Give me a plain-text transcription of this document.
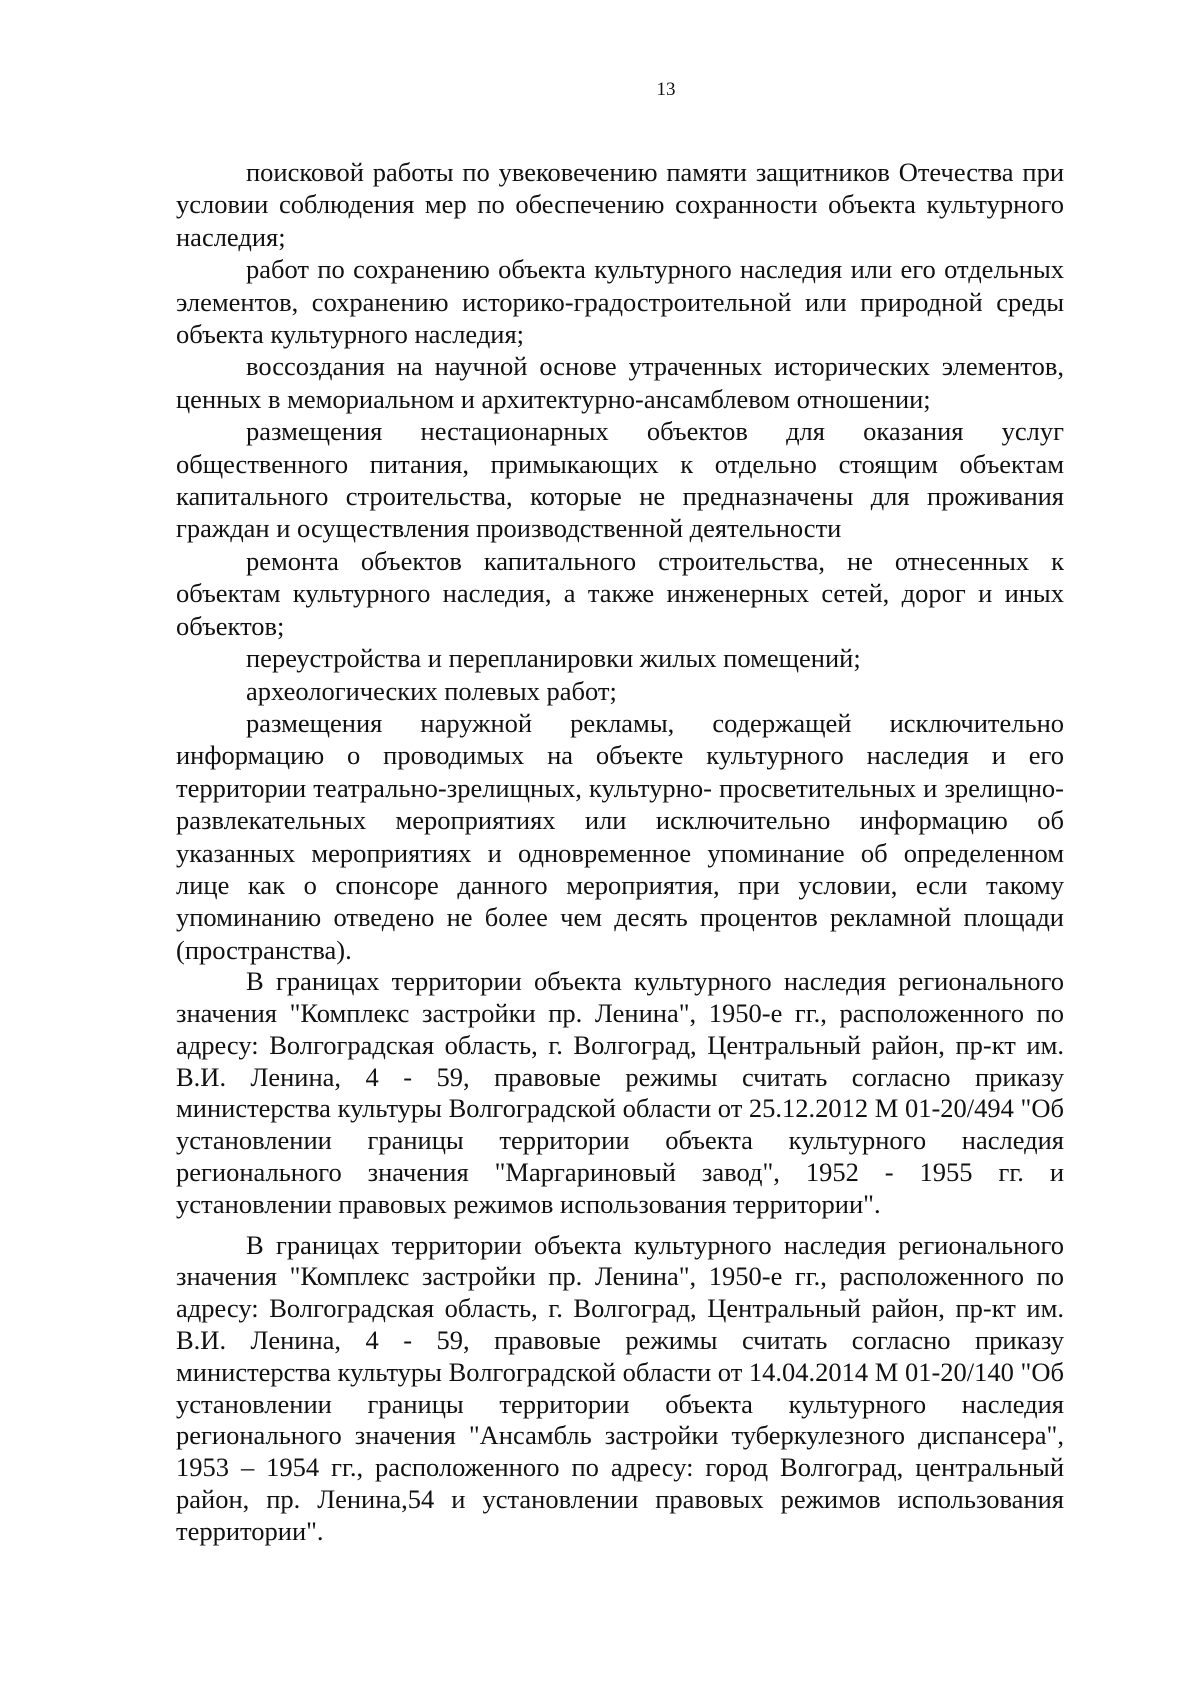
13

поисковой работы по увековечению памяти защитников Отечества при условии соблюдения мер по обеспечению сохранности объекта культурного наследия;

работ по сохранению объекта культурного наследия или его отдельных элементов, сохранению историко-градостроительной или природной среды объекта культурного наследия;

воссоздания на научной основе утраченных исторических элементов, ценных в мемориальном и архитектурно-ансамблевом отношении;

размещения нестационарных объектов для оказания услуг общественного питания, примыкающих к отдельно стоящим объектам капитального строительства, которые не предназначены для проживания граждан и осуществления производственной деятельности

ремонта объектов капитального строительства, не отнесенных к объектам культурного наследия, а также инженерных сетей, дорог и иных объектов;

переустройства и перепланировки жилых помещений;

археологических полевых работ;

размещения наружной рекламы, содержащей исключительно информацию о проводимых на объекте культурного наследия и его территории театрально-зрелищных, культурно- просветительных и зрелищно-развлекательных мероприятиях или исключительно информацию об указанных мероприятиях и одновременное упоминание об определенном лице как о спонсоре данного мероприятия, при условии, если такому упоминанию отведено не более чем десять процентов рекламной площади (пространства).

В границах территории объекта культурного наследия регионального значения "Комплекс застройки пр. Ленина", 1950-е гг., расположенного по адресу: Волгоградская область, г. Волгоград, Центральный район, пр-кт им. В.И. Ленина, 4 - 59, правовые режимы считать согласно приказу министерства культуры Волгоградской области от 25.12.2012 М 01-20/494 "Об установлении границы территории объекта культурного наследия регионального значения "Маргариновый завод", 1952 - 1955 гг. и установлении правовых режимов использования территории".

В границах территории объекта культурного наследия регионального значения "Комплекс застройки пр. Ленина", 1950-е гг., расположенного по адресу: Волгоградская область, г. Волгоград, Центральный район, пр-кт им. В.И. Ленина, 4 - 59, правовые режимы считать согласно приказу министерства культуры Волгоградской области от 14.04.2014 М 01-20/140 "Об установлении границы территории объекта культурного наследия регионального значения "Ансамбль застройки туберкулезного диспансера", 1953 – 1954 гг., расположенного по адресу: город Волгоград, центральный район, пр. Ленина,54 и установлении правовых режимов использования территории".
